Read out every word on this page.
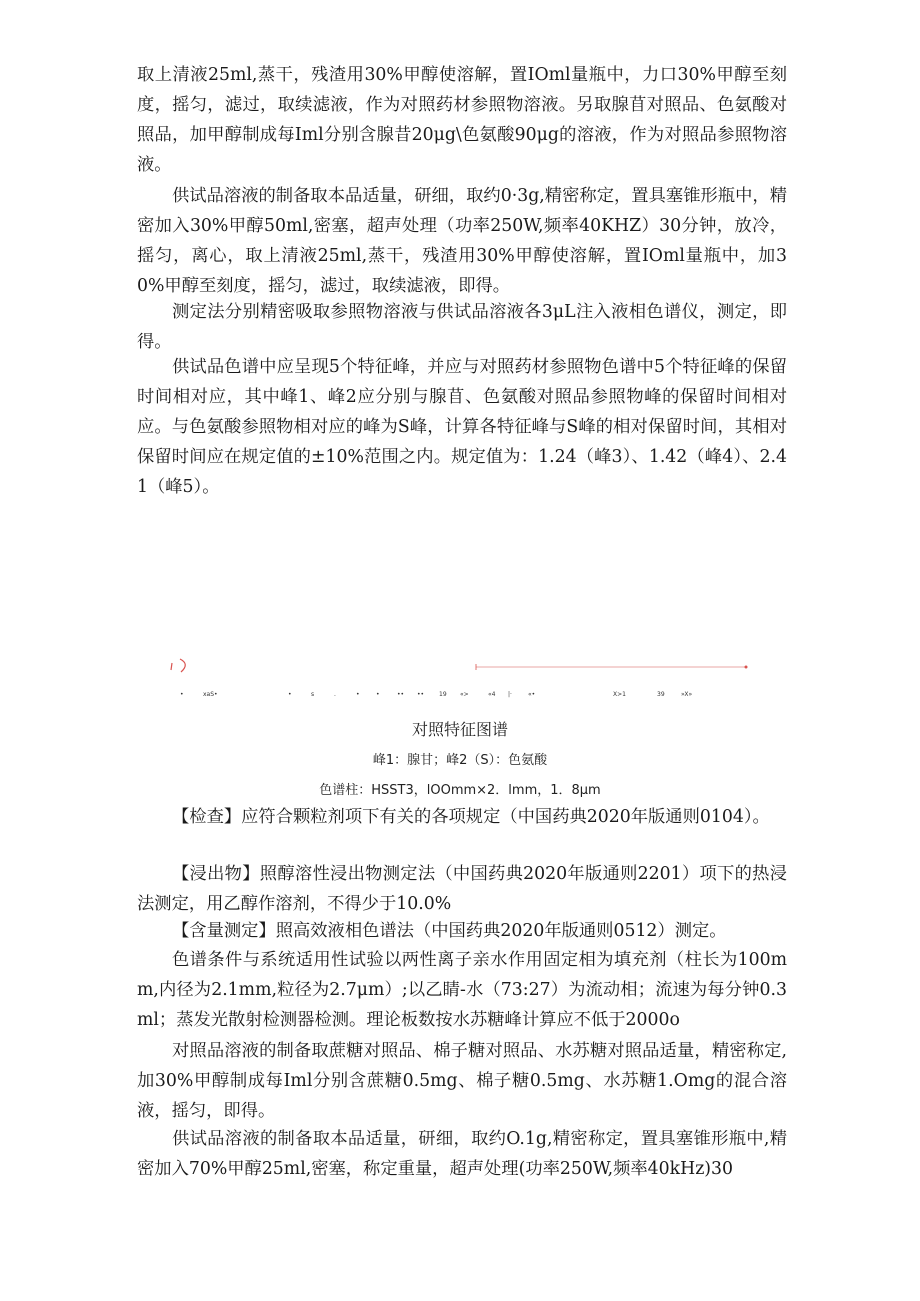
取上清液25ml,蒸干，残渣用30%甲醇使溶解，置IOml量瓶中，力口30%甲醇至刻度，摇匀，滤过，取续滤液，作为对照药材参照物溶液。另取腺苜对照品、色氨酸对照品，加甲醇制成每Iml分别含腺昔20μg\色氨酸90μg的溶液，作为对照品参照物溶液。

供试品溶液的制备取本品适量，研细，取约0·3g,精密称定，置具塞锥形瓶中，精密加入30%甲醇50ml,密塞，超声处理（功率250W,频率40KHZ）30分钟，放冷，摇匀，离心，取上清液25ml,蒸干，残渣用30%甲醇使溶解，置IOml量瓶中，加30%甲醇至刻度，摇匀，滤过，取续滤液，即得。

测定法分别精密吸取参照物溶液与供试品溶液各3μL注入液相色谱仪，测定，即得。

供试品色谱中应呈现5个特征峰，并应与对照药材参照物色谱中5个特征峰的保留时间相对应，其中峰1、峰2应分别与腺苜、色氨酸对照品参照物峰的保留时间相对应。与色氨酸参照物相对应的峰为S峰，计算各特征峰与S峰的相对保留时间，其相对保留时间应在规定值的±10%范围之内。规定值为：1.24（峰3）、1.42（峰4）、2.41（峰5）。

•	xaS•	•	s	.	•	•	•• •• 19 «>	«4 |·	«•	X>1	39	»X»
对照特征图谱
峰1：腺甘；峰2（S）：色氨酸
色谱柱：HSST3，lOOmm×2．lmm，1．8μm

【检查】应符合颗粒剂项下有关的各项规定（中国药典2020年版通则0104）。

【浸出物】照醇溶性浸出物测定法（中国药典2020年版通则2201）项下的热浸法测定，用乙醇作溶剂，不得少于10.0%

【含量测定】照高效液相色谱法（中国药典2020年版通则0512）测定。

色谱条件与系统适用性试验以两性离子亲水作用固定相为填充剂（柱长为100mm,内径为2.1mm,粒径为2.7μm）;以乙睛-水（73:27）为流动相；流速为每分钟0.3ml；蒸发光散射检测器检测。理论板数按水苏糖峰计算应不低于2000o

对照品溶液的制备取蔗糖对照品、棉子糖对照品、水苏糖对照品适量，精密称定,加30%甲醇制成每Iml分别含蔗糖0.5mg、棉子糖0.5mg、水苏糖1.Omg的混合溶液，摇匀，即得。

供试品溶液的制备取本品适量，研细，取约O.1g,精密称定，置具塞锥形瓶中,精密加入70%甲醇25ml,密塞，称定重量，超声处理(功率250W,频率40kHz)30
